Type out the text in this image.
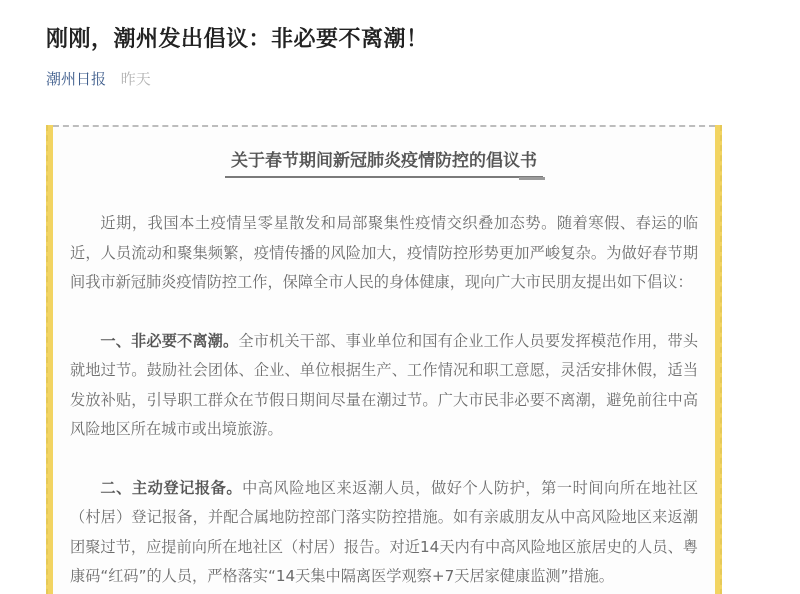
刚刚，潮州发出倡议：非必要不离潮！
潮州日报 昨天
关于春节期间新冠肺炎疫情防控的倡议书

近期，我国本土疫情呈零星散发和局部聚集性疫情交织叠加态势。随着寒假、春运的临近，人员流动和聚集频繁，疫情传播的风险加大，疫情防控形势更加严峻复杂。为做好春节期间我市新冠肺炎疫情防控工作，保障全市人民的身体健康，现向广大市民朋友提出如下倡议：

一、非必要不离潮。全市机关干部、事业单位和国有企业工作人员要发挥模范作用，带头就地过节。鼓励社会团体、企业、单位根据生产、工作情况和职工意愿，灵活安排休假，适当发放补贴，引导职工群众在节假日期间尽量在潮过节。广大市民非必要不离潮，避免前往中高风险地区所在城市或出境旅游。

二、主动登记报备。中高风险地区来返潮人员，做好个人防护，第一时间向所在地社区（村居）登记报备，并配合属地防控部门落实防控措施。如有亲戚朋友从中高风险地区来返潮团聚过节，应提前向所在地社区（村居）报告。对近14天内有中高风险地区旅居史的人员、粤康码“红码”的人员，严格落实“14天集中隔离医学观察+7天居家健康监测”措施。
